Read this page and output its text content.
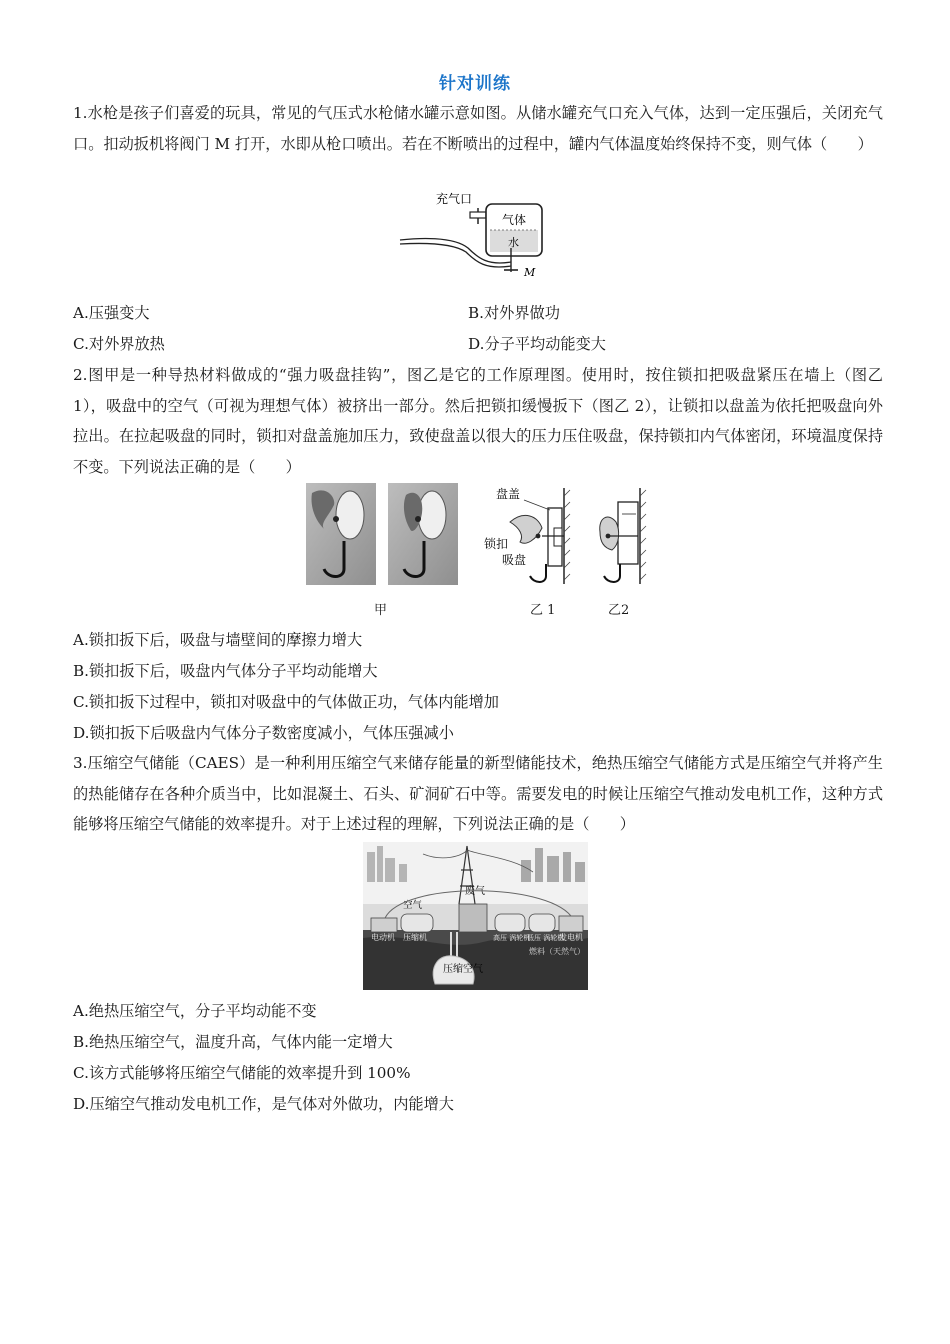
针对训练
1.水枪是孩子们喜爱的玩具，常见的气压式水枪储水罐示意如图。从储水罐充气口充入气体，达到一定压强后，关闭充气口。扣动扳机将阀门 M 打开，水即从枪口喷出。若在不断喷出的过程中，罐内气体温度始终保持不变，则气体（　　）
充气口
气体
水
M
A.压强变大	B.对外界做功
C.对外界放热	D.分子平均动能变大
2.图甲是一种导热材料做成的“强力吸盘挂钩”，图乙是它的工作原理图。使用时，按住锁扣把吸盘紧压在墙上（图乙 1），吸盘中的空气（可视为理想气体）被挤出一部分。然后把锁扣缓慢扳下（图乙 2），让锁扣以盘盖为依托把吸盘向外拉出。在拉起吸盘的同时，锁扣对盘盖施加压力，致使盘盖以很大的压力压住吸盘，保持锁扣内气体密闭，环境温度保持不变。下列说法正确的是（　　）
甲
盘盖
锁扣
吸盘
乙 1	乙2
A.锁扣扳下后，吸盘与墙壁间的摩擦力增大
B.锁扣扳下后，吸盘内气体分子平均动能增大
C.锁扣扳下过程中，锁扣对吸盘中的气体做正功，气体内能增加
D.锁扣扳下后吸盘内气体分子数密度减小，气体压强减小
3.压缩空气储能（CAES）是一种利用压缩空气来储存能量的新型储能技术，绝热压缩空气储能方式是压缩空气并将产生的热能储存在各种介质当中，比如混凝土、石头、矿洞矿石中等。需要发电的时候让压缩空气推动发电机工作，这种方式能够将压缩空气储能的效率提升。对于上述过程的理解，下列说法正确的是（　　）
废气
空气
电动机 压缩机	高压 涡轮机
低压 涡轮机
发电机
燃料（天然气）
压缩空气
A.绝热压缩空气，分子平均动能不变
B.绝热压缩空气，温度升高，气体内能一定增大
C.该方式能够将压缩空气储能的效率提升到 100%
D.压缩空气推动发电机工作，是气体对外做功，内能增大
